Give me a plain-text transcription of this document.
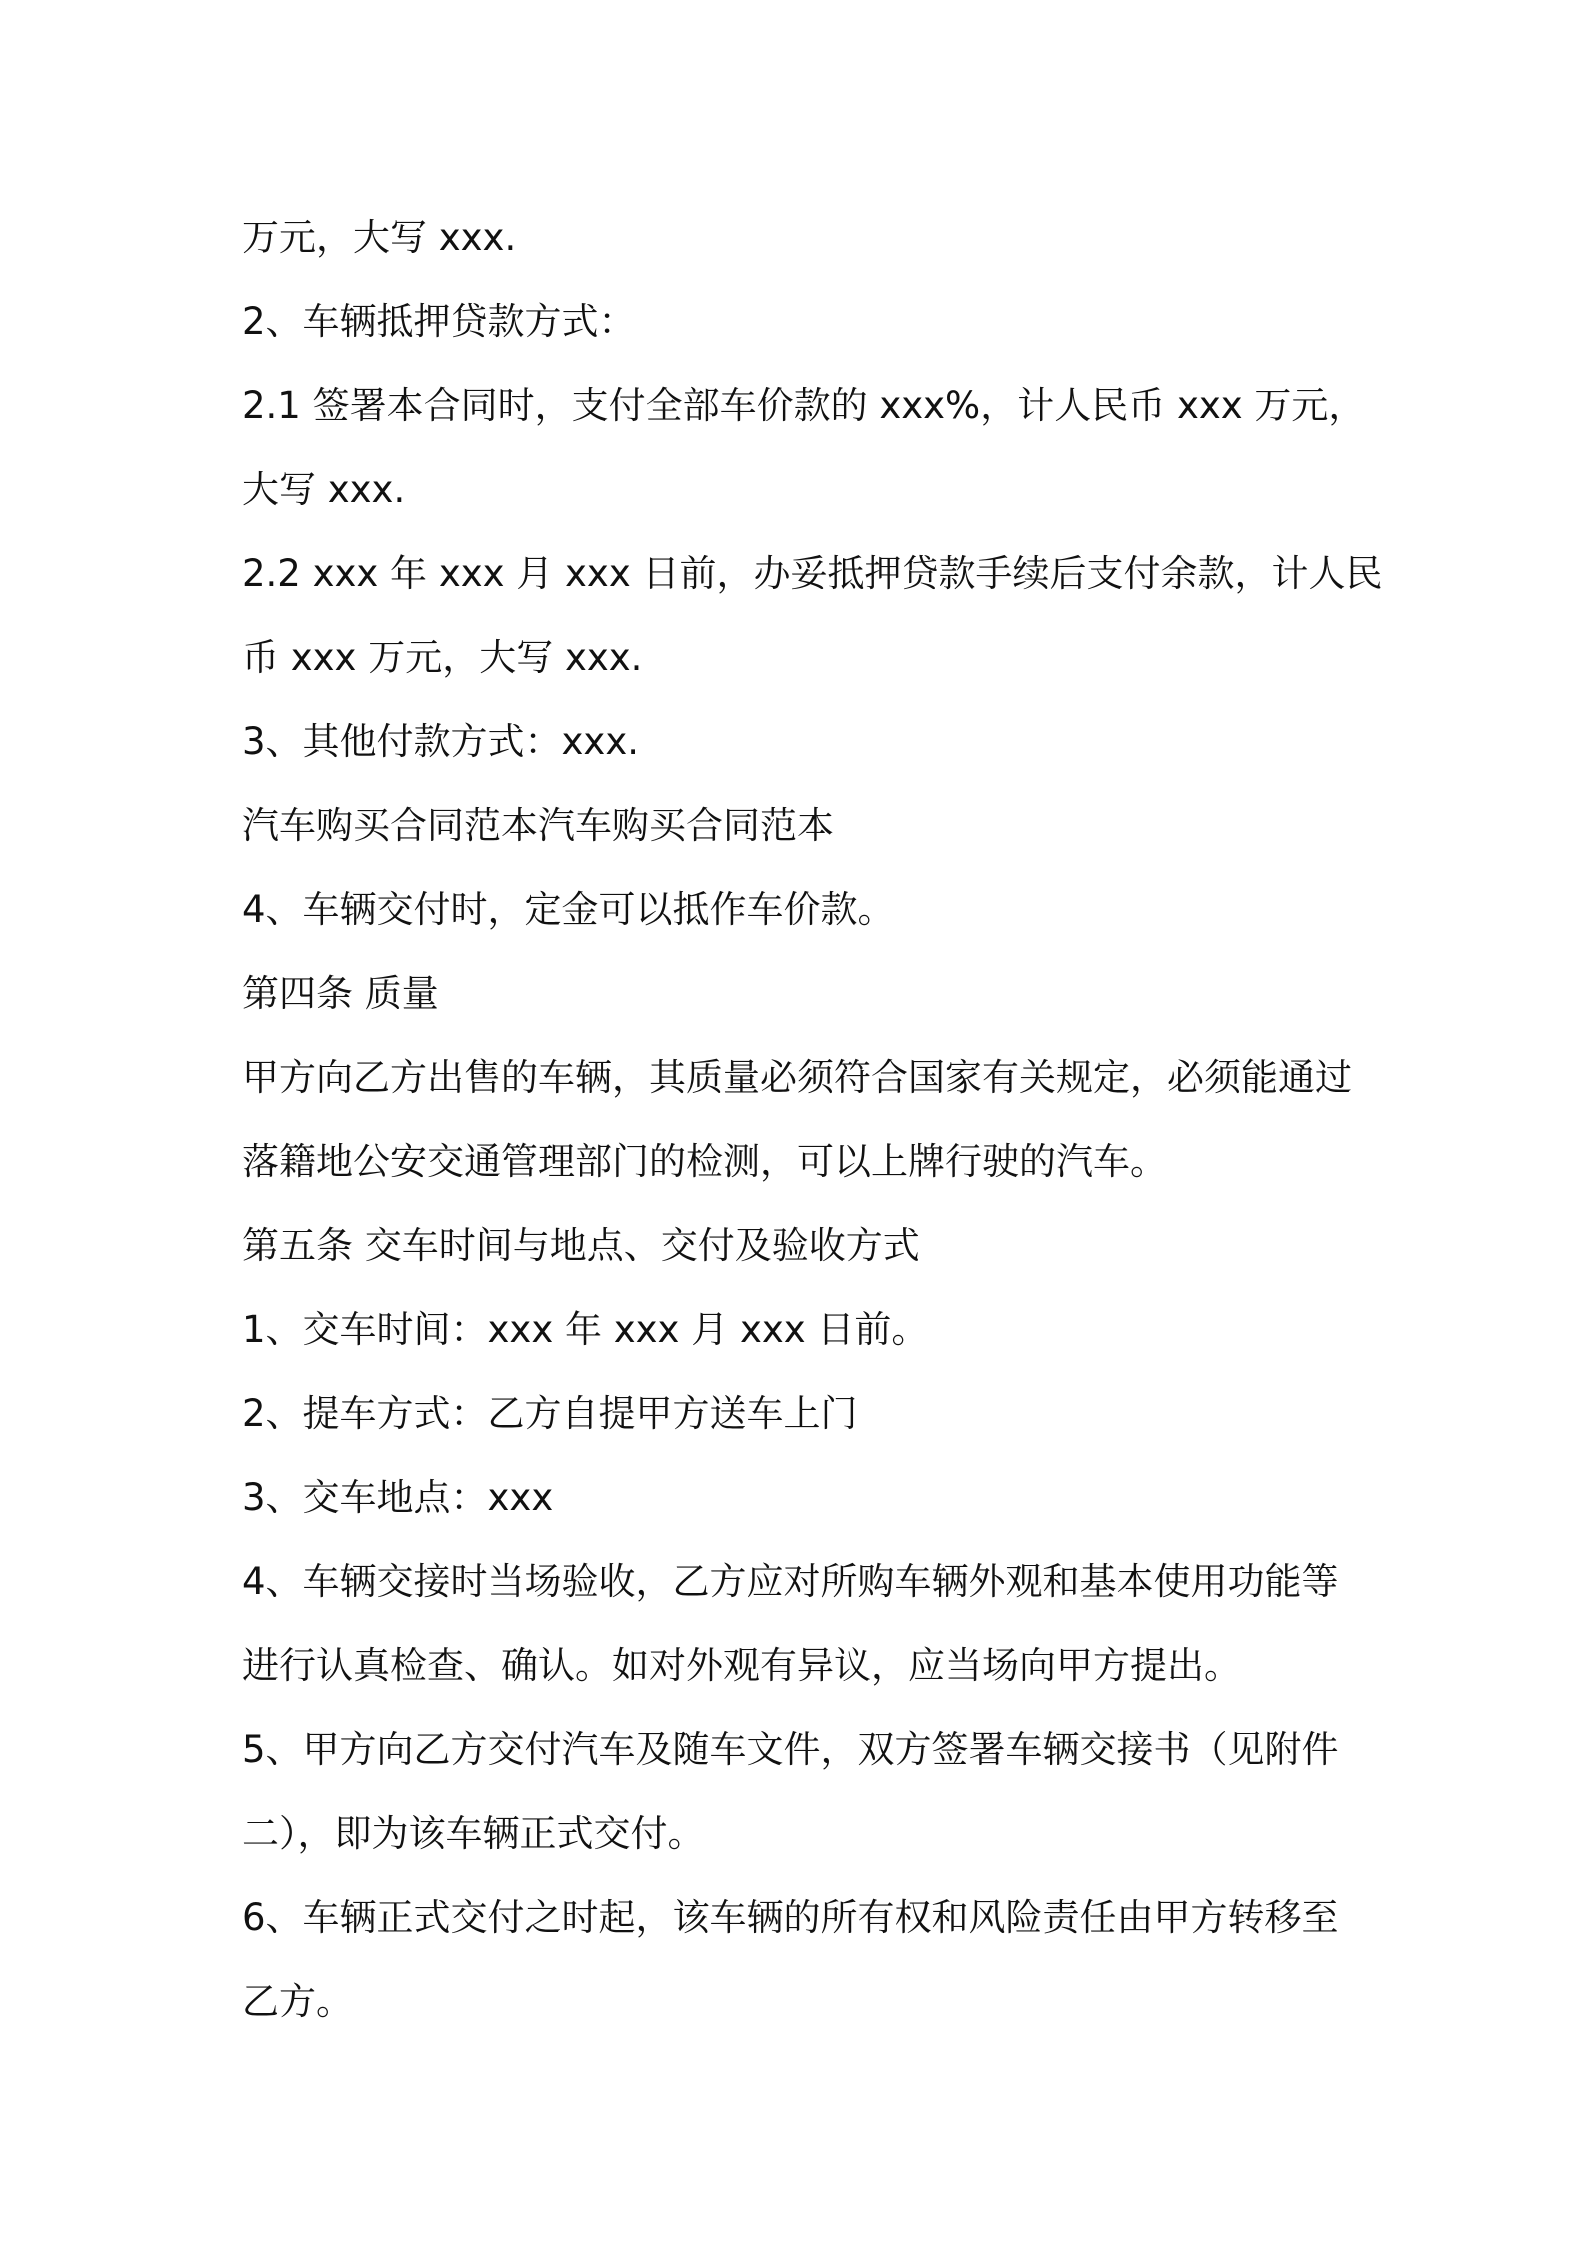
万元，大写 xxx.

2、车辆抵押贷款方式：

2.1 签署本合同时，支付全部车价款的 xxx%，计人民币 xxx 万元，

大写 xxx.

2.2 xxx 年 xxx 月 xxx 日前，办妥抵押贷款手续后支付余款，计人民

币 xxx 万元，大写 xxx.

3、其他付款方式：xxx.

汽车购买合同范本汽车购买合同范本

4、车辆交付时，定金可以抵作车价款。

第四条 质量

甲方向乙方出售的车辆，其质量必须符合国家有关规定，必须能通过

落籍地公安交通管理部门的检测，可以上牌行驶的汽车。

第五条 交车时间与地点、交付及验收方式

1、交车时间：xxx 年 xxx 月 xxx 日前。

2、提车方式：乙方自提甲方送车上门

3、交车地点：xxx

4、车辆交接时当场验收，乙方应对所购车辆外观和基本使用功能等

进行认真检查、确认。如对外观有异议，应当场向甲方提出。

5、甲方向乙方交付汽车及随车文件，双方签署车辆交接书（见附件

二），即为该车辆正式交付。

6、车辆正式交付之时起，该车辆的所有权和风险责任由甲方转移至

乙方。
